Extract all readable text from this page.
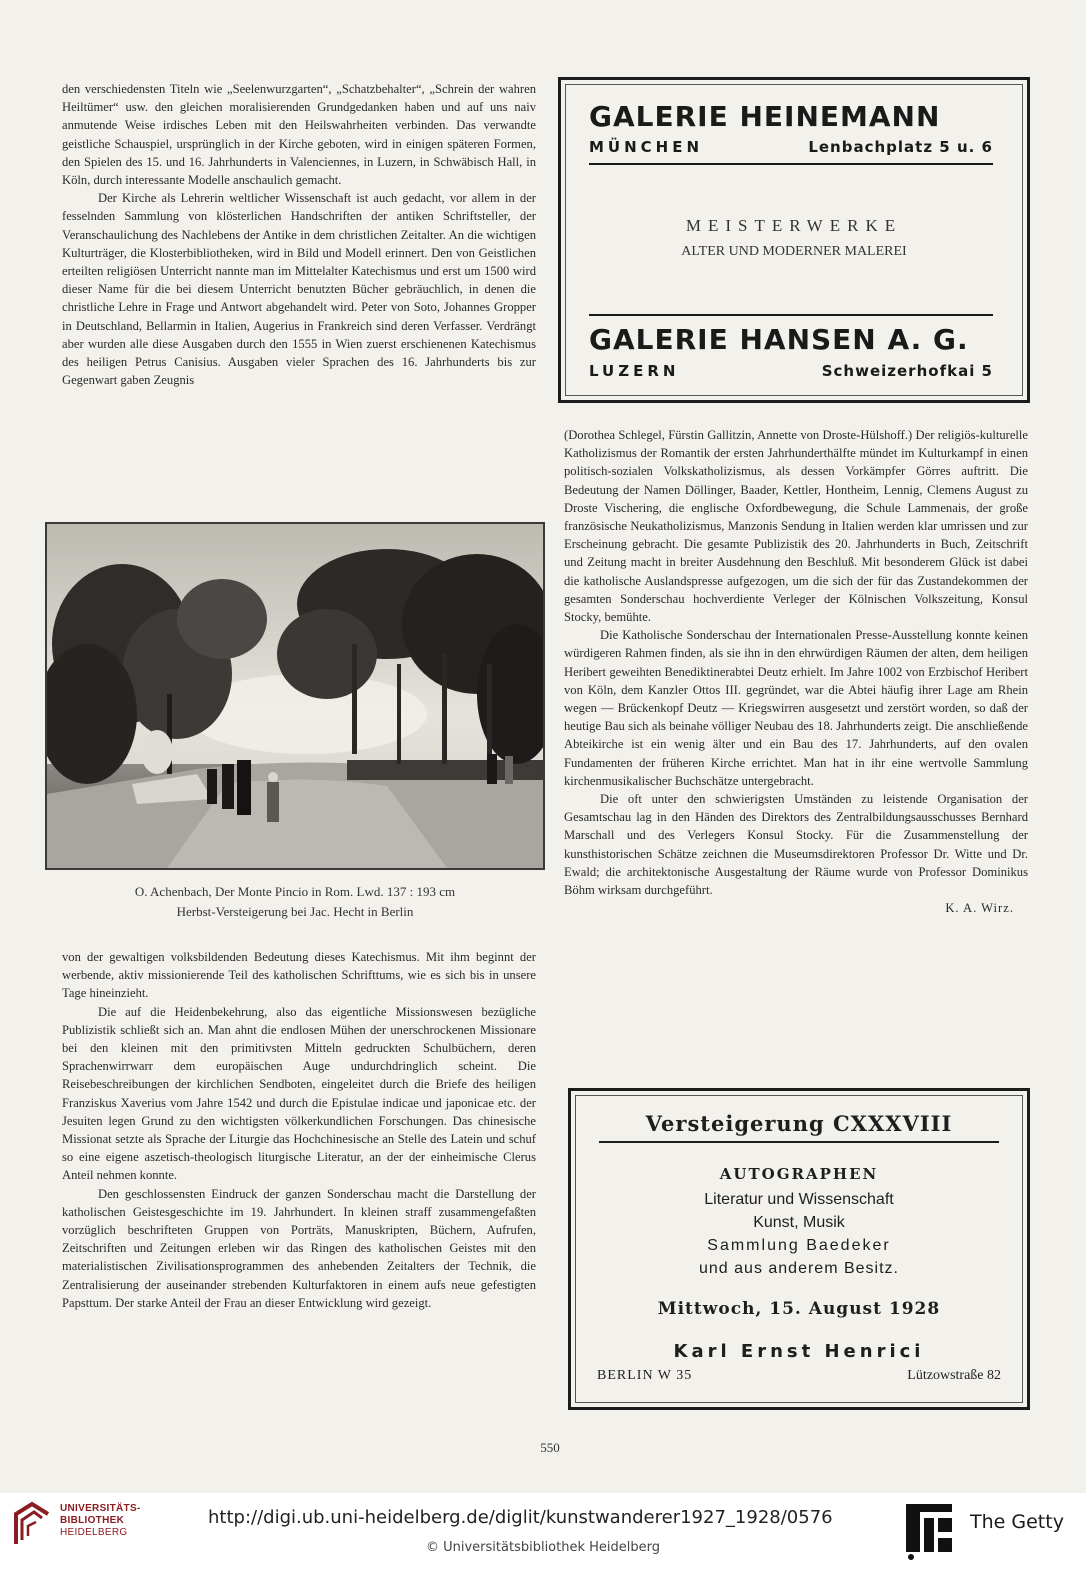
den verschiedensten Titeln wie „Seelenwurzgarten“, „Schatzbehalter“, „Schrein der wahren Heiltümer“ usw. den gleichen moralisierenden Grundgedanken haben und auf uns naiv anmutende Weise irdisches Leben mit den Heilswahrheiten verbinden. Das verwandte geistliche Schauspiel, ursprünglich in der Kirche geboten, wird in einigen späteren Formen, den Spielen des 15. und 16. Jahrhunderts in Valenciennes, in Luzern, in Schwäbisch Hall, in Köln, durch interessante Modelle anschaulich gemacht.

Der Kirche als Lehrerin weltlicher Wissenschaft ist auch gedacht, vor allem in der fesselnden Sammlung von klösterlichen Handschriften der antiken Schriftsteller, der Veranschaulichung des Nachlebens der Antike in dem christlichen Zeitalter. An die wichtigen Kulturträger, die Klosterbibliotheken, wird in Bild und Modell erinnert. Den von Geistlichen erteilten religiösen Unterricht nannte man im Mittelalter Katechismus und erst um 1500 wird dieser Name für die bei diesem Unterricht benutzten Bücher gebräuchlich, in denen die christliche Lehre in Frage und Antwort abgehandelt wird. Peter von Soto, Johannes Gropper in Deutschland, Bellarmin in Italien, Augerius in Frankreich sind deren Verfasser. Verdrängt aber wurden alle diese Ausgaben durch den 1555 in Wien zuerst erschienenen Katechismus des heiligen Petrus Canisius. Ausgaben vieler Sprachen des 16. Jahrhunderts bis zur Gegenwart gaben Zeugnis

O. Achenbach, Der Monte Pincio in Rom. Lwd. 137 : 193 cm
Herbst-Versteigerung bei Jac. Hecht in Berlin

von der gewaltigen volksbildenden Bedeutung dieses Katechismus. Mit ihm beginnt der werbende, aktiv missionierende Teil des katholischen Schrifttums, wie es sich bis in unsere Tage hineinzieht.

Die auf die Heidenbekehrung, also das eigentliche Missionswesen bezügliche Publizistik schließt sich an. Man ahnt die endlosen Mühen der unerschrockenen Missionare bei den kleinen mit den primitivsten Mitteln gedruckten Schulbüchern, deren Sprachenwirrwarr dem europäischen Auge undurchdringlich scheint. Die Reisebeschreibungen der kirchlichen Sendboten, eingeleitet durch die Briefe des heiligen Franziskus Xaverius vom Jahre 1542 und durch die Epistulae indicae und japonicae etc. der Jesuiten legen Grund zu den wichtigsten völkerkundlichen Forschungen. Das chinesische Missionat setzte als Sprache der Liturgie das Hochchinesische an Stelle des Latein und schuf so eine eigene aszetisch-theologisch liturgische Literatur, an der der einheimische Clerus Anteil nehmen konnte.

Den geschlossensten Eindruck der ganzen Sonderschau macht die Darstellung der katholischen Geistesgeschichte im 19. Jahrhundert. In kleinen straff zusammengefaßten vorzüglich beschrifteten Gruppen von Porträts, Manuskripten, Büchern, Aufrufen, Zeitschriften und Zeitungen erleben wir das Ringen des katholischen Geistes mit den materialistischen Zivilisationsprogrammen des anhebenden Zeitalters der Technik, die Zentralisierung der auseinander strebenden Kulturfaktoren in einem aufs neue gefestigten Papsttum. Der starke Anteil der Frau an dieser Entwicklung wird gezeigt.

GALERIE HEINEMANN
MÜNCHEN	Lenbachplatz 5 u. 6
MEISTERWERKE
ALTER UND MODERNER MALEREI
GALERIE HANSEN A. G.
LUZERN	Schweizerhofkai 5

(Dorothea Schlegel, Fürstin Gallitzin, Annette von Droste-Hülshoff.) Der religiös-kulturelle Katholizismus der Romantik der ersten Jahrhunderthälfte mündet im Kulturkampf in einen politisch-sozialen Volkskatholizismus, als dessen Vorkämpfer Görres auftritt. Die Bedeutung der Namen Döllinger, Baader, Kettler, Hontheim, Lennig, Clemens August zu Droste Vischering, die englische Oxfordbewegung, die Schule Lammenais, der große französische Neukatholizismus, Manzonis Sendung in Italien werden klar umrissen und zur Erscheinung gebracht. Die gesamte Publizistik des 20. Jahrhunderts in Buch, Zeitschrift und Zeitung macht in breiter Ausdehnung den Beschluß. Mit besonderem Glück ist dabei die katholische Auslandspresse aufgezogen, um die sich der für das Zustandekommen der gesamten Sonderschau hochverdiente Verleger der Kölnischen Volkszeitung, Konsul Stocky, bemühte.

Die Katholische Sonderschau der Internationalen Presse-Ausstellung konnte keinen würdigeren Rahmen finden, als sie ihn in den ehrwürdigen Räumen der alten, dem heiligen Heribert geweihten Benediktinerabtei Deutz erhielt. Im Jahre 1002 von Erzbischof Heribert von Köln, dem Kanzler Ottos III. gegründet, war die Abtei häufig ihrer Lage am Rhein wegen — Brückenkopf Deutz — Kriegswirren ausgesetzt und zerstört worden, so daß der heutige Bau sich als beinahe völliger Neubau des 18. Jahrhunderts zeigt. Die anschließende Abteikirche ist ein wenig älter und ein Bau des 17. Jahrhunderts, auf den ovalen Fundamenten der früheren Kirche errichtet. Man hat in ihr eine wertvolle Sammlung kirchenmusikalischer Buchschätze untergebracht.

Die oft unter den schwierigsten Umständen zu leistende Organisation der Gesamtschau lag in den Händen des Direktors des Zentralbildungsausschusses Bernhard Marschall und des Verlegers Konsul Stocky. Für die Zusammenstellung der kunsthistorischen Schätze zeichnen die Museumsdirektoren Professor Dr. Witte und Dr. Ewald; die architektonische Ausgestaltung der Räume wurde von Professor Dominikus Böhm wirksam durchgeführt.

K. A. Wirz.

Versteigerung CXXXVIII
AUTOGRAPHEN
Literatur und Wissenschaft
Kunst, Musik
Sammlung Baedeker
und aus anderem Besitz.
Mittwoch, 15. August 1928
Karl Ernst Henrici
BERLIN W 35	Lützowstraße 82
550
UNIVERSITÄTS-
BIBLIOTHEK
HEIDELBERG
http://digi.ub.uni-heidelberg.de/diglit/kunstwanderer1927_1928/0576
© Universitätsbibliothek Heidelberg
The Getty
